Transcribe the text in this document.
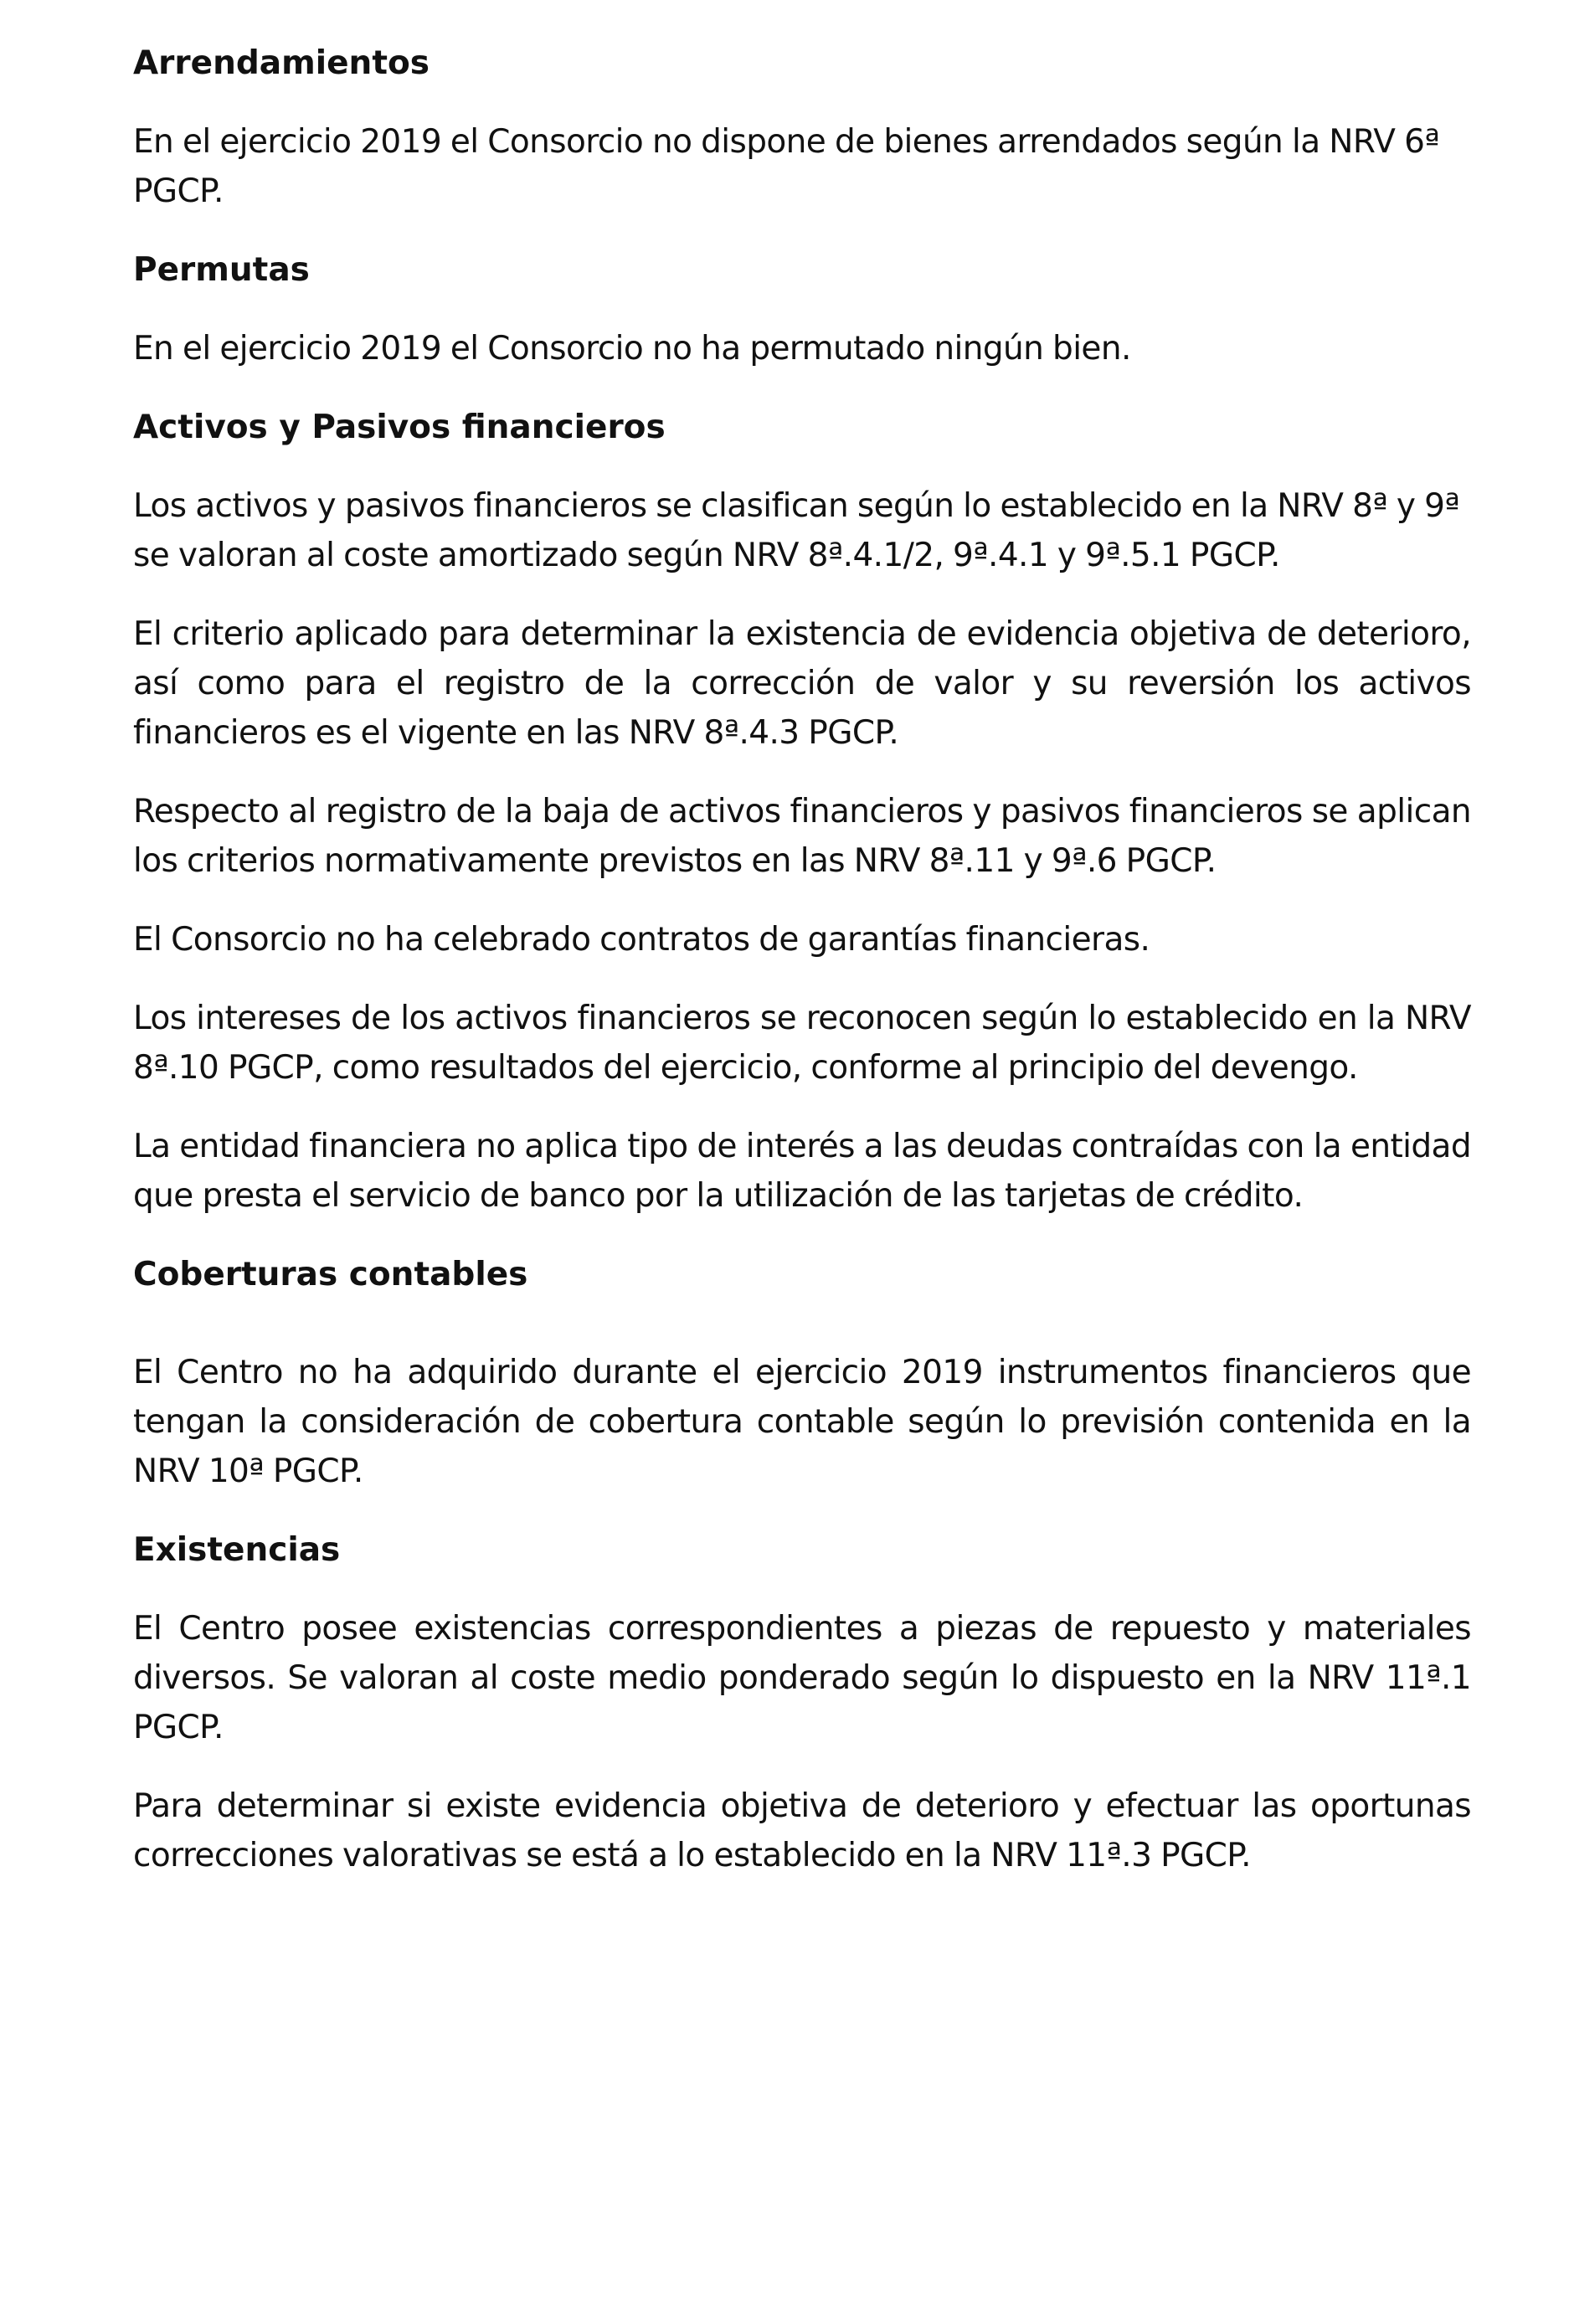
Arrendamientos

En el ejercicio 2019 el Consorcio no dispone de bienes arrendados según la NRV 6ª PGCP.

Permutas

En el ejercicio 2019 el Consorcio no ha permutado ningún bien.

Activos y Pasivos financieros

Los activos y pasivos financieros se clasifican según lo establecido en la NRV 8ª y 9ª se valoran al coste amortizado según NRV 8ª.4.1/2, 9ª.4.1 y 9ª.5.1 PGCP.

El criterio aplicado para determinar la existencia de evidencia objetiva de deterioro, así como para el registro de la corrección de valor y su reversión los activos financieros es el vigente en las NRV 8ª.4.3 PGCP.

Respecto al registro de la baja de activos financieros y pasivos financieros se aplican los criterios normativamente previstos en las NRV 8ª.11 y 9ª.6 PGCP.

El Consorcio no ha celebrado contratos de garantías financieras.

Los intereses de los activos financieros se reconocen según lo establecido en la NRV 8ª.10 PGCP, como resultados del ejercicio, conforme al principio del devengo.

La entidad financiera no aplica tipo de interés a las deudas contraídas con la entidad que presta el servicio de banco por la utilización de las tarjetas de crédito.

Coberturas contables

El Centro no ha adquirido durante el ejercicio 2019 instrumentos financieros que tengan la consideración de cobertura contable según lo previsión contenida en la NRV 10ª PGCP.

Existencias

El Centro posee existencias correspondientes a piezas de repuesto y materiales diversos. Se valoran al coste medio ponderado según lo dispuesto en la NRV 11ª.1 PGCP.

Para determinar si existe evidencia objetiva de deterioro y efectuar las oportunas correcciones valorativas se está a lo establecido en la NRV 11ª.3 PGCP.
